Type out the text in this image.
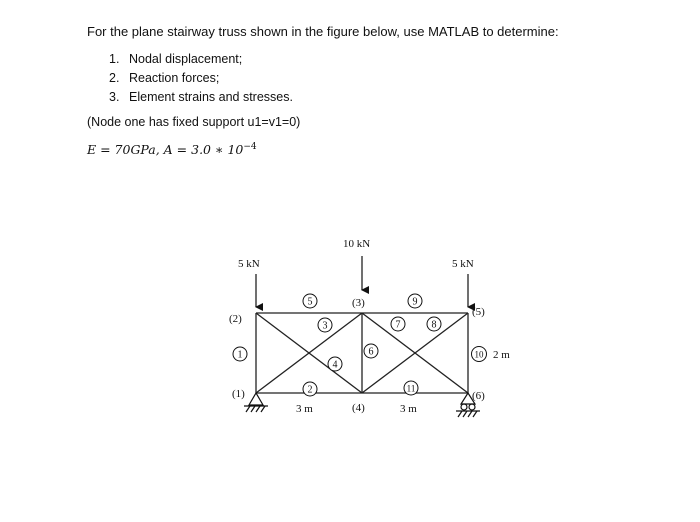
For the plane stairway truss shown in the figure below, use MATLAB to determine:
1. Nodal displacement;
2. Reaction forces;
3. Element strains and stresses.
(Node one has fixed support u1=v1=0)
E = 70GPa, A = 3.0 ∗ $10^{-4}$
5 kN
10 kN
5 kN
(2)
(1)
(3)
(4)
(5)
(6)
1
2
3
4
5
6
7	8
9
10
11
3 m	3 m
2 m
